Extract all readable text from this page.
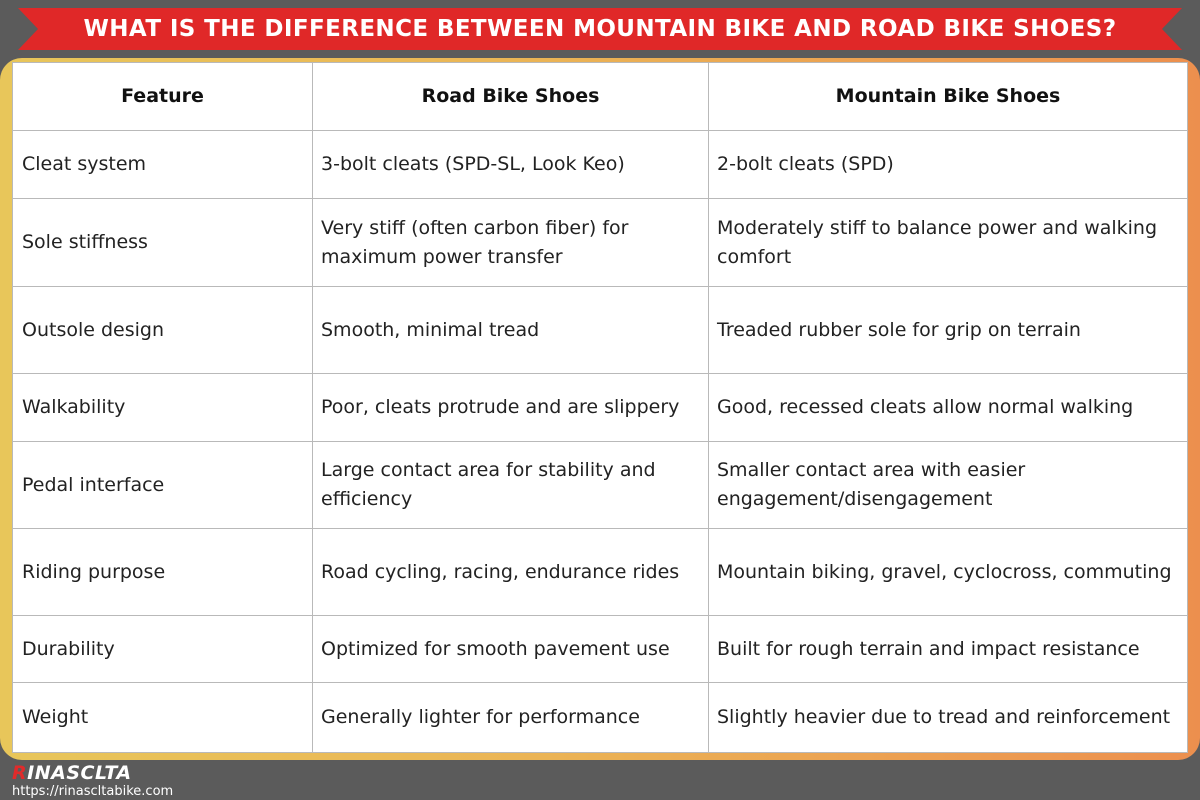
WHAT IS THE DIFFERENCE BETWEEN MOUNTAIN BIKE AND ROAD BIKE SHOES?
Feature	Road Bike Shoes	Mountain Bike Shoes
Cleat system	3-bolt cleats (SPD-SL, Look Keo)	2-bolt cleats (SPD)
Sole stiffness	Very stiff (often carbon fiber) for maximum power transfer	Moderately stiff to balance power and walking comfort
Outsole design	Smooth, minimal tread	Treaded rubber sole for grip on terrain
Walkability	Poor, cleats protrude and are slippery	Good, recessed cleats allow normal walking
Pedal interface	Large contact area for stability and efficiency	Smaller contact area with easier engagement/disengagement
Riding purpose	Road cycling, racing, endurance rides	Mountain biking, gravel, cyclocross, commuting
Durability	Optimized for smooth pavement use	Built for rough terrain and impact resistance
Weight	Generally lighter for performance	Slightly heavier due to tread and reinforcement
RINASCLTA
https://rinascltabike.com
